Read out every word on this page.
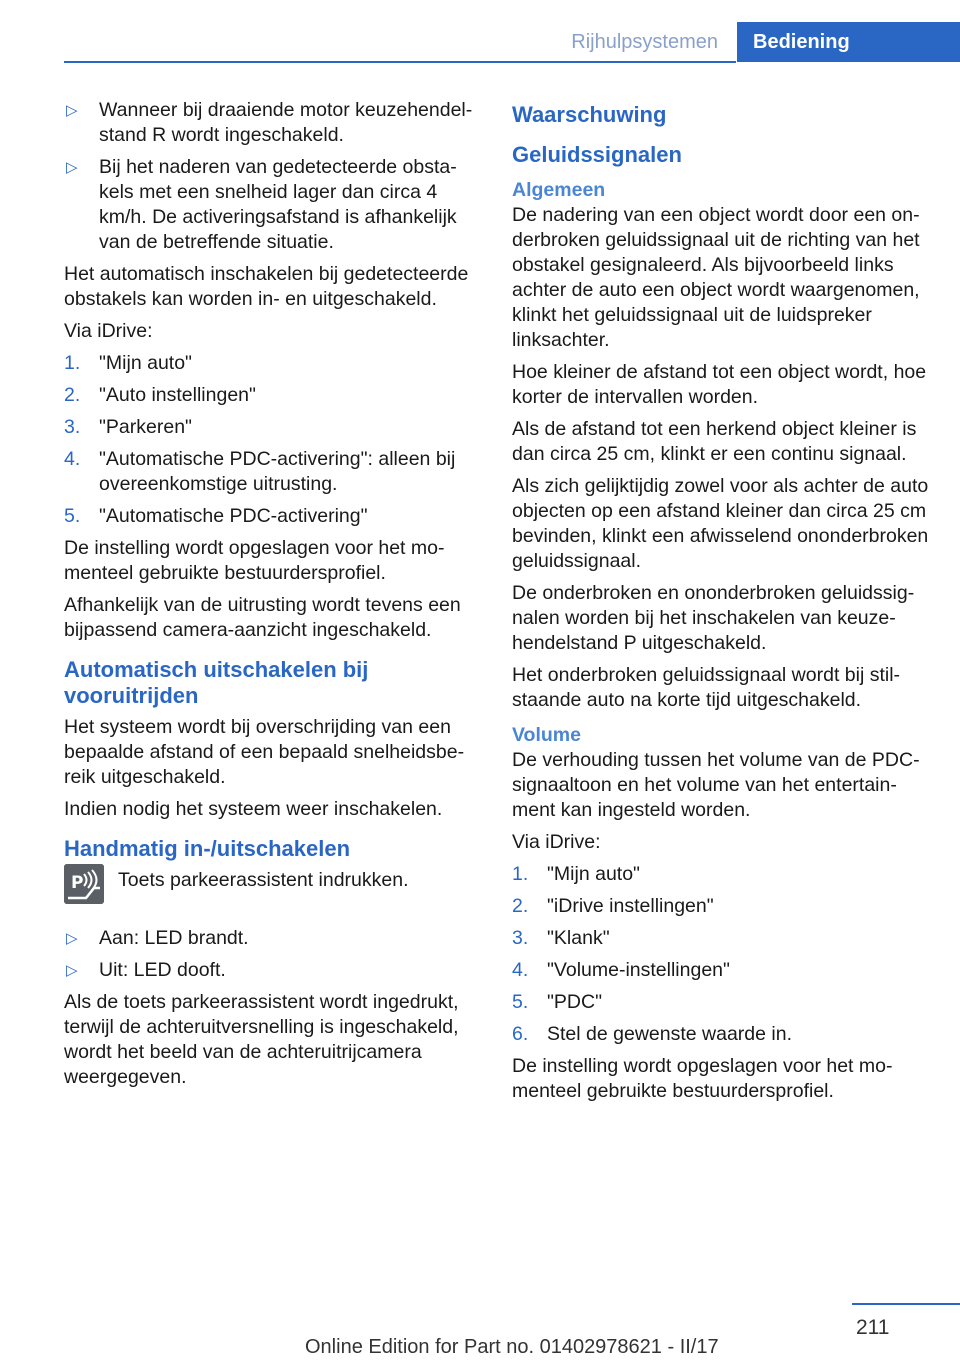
Rijhulpsystemen	Bediening
▷ Wanneer bij draaiende motor keuzehendelstand R wordt ingeschakeld.
▷ Bij het naderen van gedetecteerde obstakels met een snelheid lager dan circa 4 km/h. De activeringsafstand is afhankelijk van de betreffende situatie.

Het automatisch inschakelen bij gedetecteerde obstakels kan worden in- en uitgeschakeld.

Via iDrive:

1. "Mijn auto"
2. "Auto instellingen"
3. "Parkeren"
4. "Automatische PDC-activering": alleen bij overeenkomstige uitrusting.
5. "Automatische PDC-activering"

De instelling wordt opgeslagen voor het momenteel gebruikte bestuurdersprofiel.

Afhankelijk van de uitrusting wordt tevens een bijpassend camera-aanzicht ingeschakeld.

Automatisch uitschakelen bij vooruitrijden

Het systeem wordt bij overschrijding van een bepaalde afstand of een bepaald snelheidsbereik uitgeschakeld.

Indien nodig het systeem weer inschakelen.

Handmatig in-/uitschakelen
P Toets parkeerassistent indrukken.
▷ Aan: LED brandt.
▷ Uit: LED dooft.

Als de toets parkeerassistent wordt ingedrukt, terwijl de achteruitversnelling is ingeschakeld, wordt het beeld van de achteruitrijcamera weergegeven.

Waarschuwing
Geluidssignalen
Algemeen

De nadering van een object wordt door een onderbroken geluidssignaal uit de richting van het obstakel gesignaleerd. Als bijvoorbeeld links achter de auto een object wordt waargenomen, klinkt het geluidssignaal uit de luidspreker linksachter.

Hoe kleiner de afstand tot een object wordt, hoe korter de intervallen worden.

Als de afstand tot een herkend object kleiner is dan circa 25 cm, klinkt er een continu signaal.

Als zich gelijktijdig zowel voor als achter de auto objecten op een afstand kleiner dan circa 25 cm bevinden, klinkt een afwisselend ononderbroken geluidssignaal.

De onderbroken en ononderbroken geluidssignalen worden bij het inschakelen van keuzehendelstand P uitgeschakeld.

Het onderbroken geluidssignaal wordt bij stilstaande auto na korte tijd uitgeschakeld.

Volume

De verhouding tussen het volume van de PDC-signaaltoon en het volume van het entertainment kan ingesteld worden.

Via iDrive:

1. "Mijn auto"
2. "iDrive instellingen"
3. "Klank"
4. "Volume-instellingen"
5. "PDC"
6. Stel de gewenste waarde in.

De instelling wordt opgeslagen voor het momenteel gebruikte bestuurdersprofiel.

211
Online Edition for Part no. 01402978621 - II/17
